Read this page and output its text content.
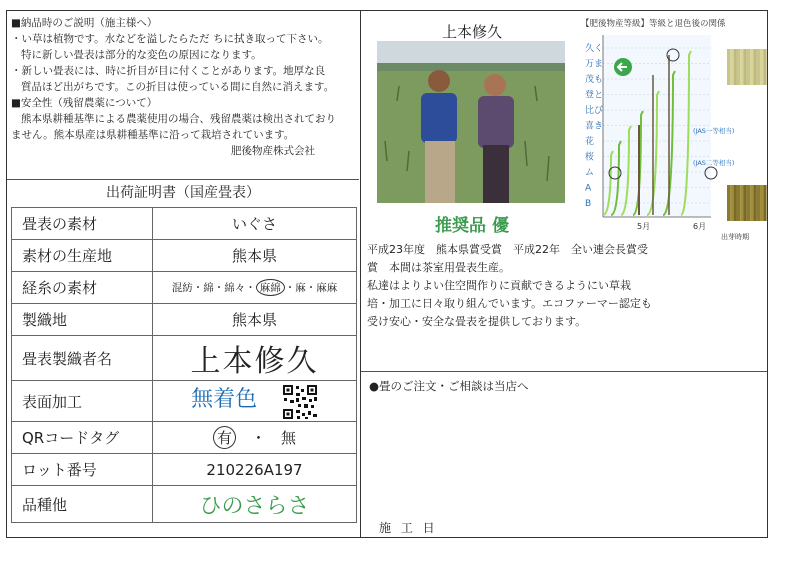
■納品時のご説明（施主様へ）
・い草は植物です。水などを溢したらただ ちに拭き取って下さい。
特に新しい畳表は部分的な変色の原因になります。
・新しい畳表には、時に折目が目に付くことがあります。地厚な良
質品ほど出がちです。この折目は使っている間に自然に消えます。
■安全性（残留農薬について）
熊本県耕種基準による農薬使用の場合、残留農薬は検出されており
ません。熊本県産は県耕種基準に沿って栽培されています。
肥後物産株式会社
出荷証明書（国産畳表）
畳表の素材	いぐさ
素材の生産地	熊本県
経糸の素材	混紡・綿・綿々・ 麻綿 ・麻・麻麻
製織地	熊本県
畳表製織者名	上本修久
表面加工	無着色
QRコードタグ	有　 ・　無
ロット番号	210226A197
品種他	ひのさらさ
上本修久
推奨品 優
【肥後物産等級】等級と退色後の関係
久 く
万 ま
茂 も
登 と
比 び
喜 き
花
桜
ム
A
B
(JAS一等相当)
(JAS二等相当)
5月	6月
出芽時期
平成23年度　熊本県賞受賞　平成22年　全い連会長賞受
賞　本間は茶室用畳表生産。
私達はよりよい住空間作りに貢献できるようにい草栽
培・加工に日々取り組んでいます。エコファーマー認定も
受け安心・安全な畳表を提供しております。
●畳のご注文・ご相談は当店へ
施 工 日
